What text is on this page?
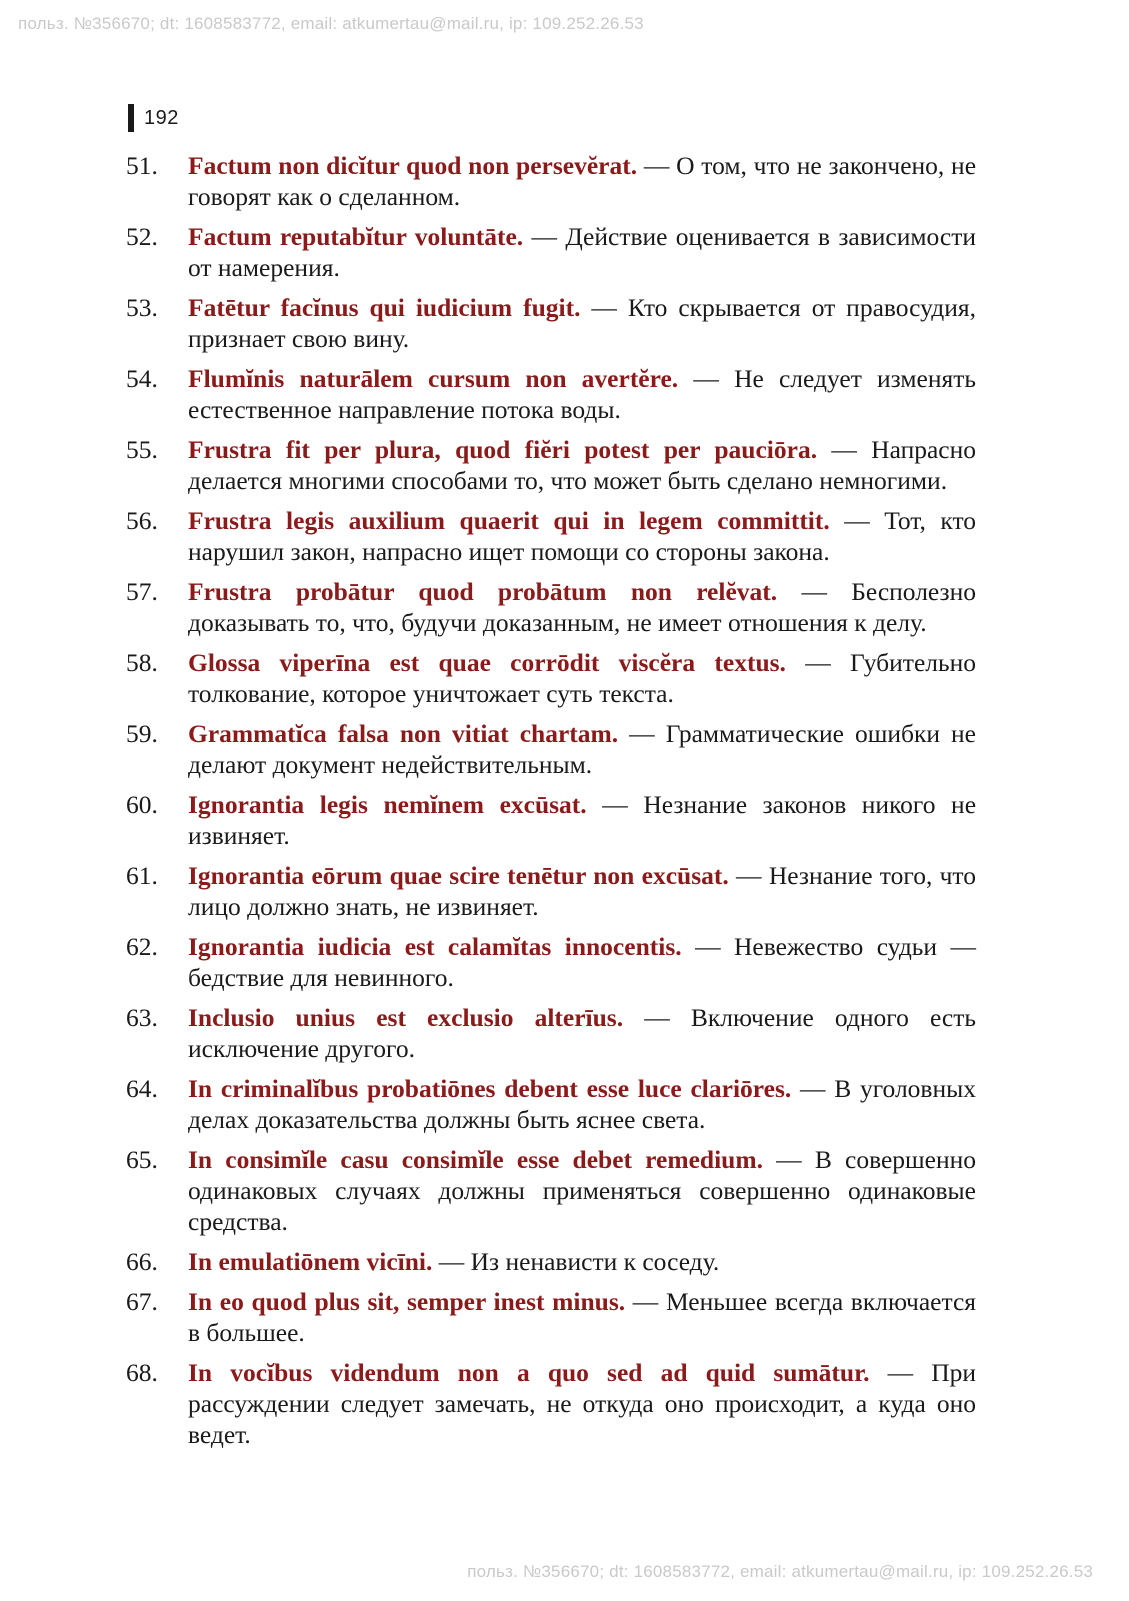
польз. №356670; dt: 1608583772, email: atkumertau@mail.ru, ip: 109.252.26.53
192
51.	Factum non dicĭtur quod non persevĕrat. — О том, что не закончено, не говорят как о сделанном.
52.	Factum reputabĭtur voluntāte. — Действие оценивается в зависимости от намерения.
53.	Fatētur facĭnus qui iudicium fugit. — Кто скрывается от правосудия, признает свою вину.
54.	Flumĭnis naturālem cursum non avertĕre. — Не следует изменять естественное направление потока воды.
55.	Frustra fit per plura, quod fiĕri potest per pauciōra. — Напрасно делается многими способами то, что может быть сделано немногими.
56.	Frustra legis auxilium quaerit qui in legem committit. — Тот, кто нарушил закон, напрасно ищет помощи со стороны закона.
57.	Frustra probātur quod probātum non relĕvat. — Бесполезно доказывать то, что, будучи доказанным, не имеет отношения к делу.
58.	Glossa viperīna est quae corrōdit viscĕra textus. — Губительно толкование, которое уничтожает суть текста.
59.	Grammatĭca falsa non vitiat chartam. — Грамматические ошибки не делают документ недействительным.
60.	Ignorantia legis nemĭnem excūsat. — Незнание законов никого не извиняет.
61.	Ignorantia eōrum quae scire tenētur non excūsat. — Незнание того, что лицо должно знать, не извиняет.
62.	Ignorantia iudicia est calamĭtas innocentis. — Невежество судьи — бедствие для невинного.
63.	Inclusio unius est exclusio alterīus. — Включение одного есть исключение другого.
64.	In criminalĭbus probatiōnes debent esse luce clariōres. — В уголовных делах доказательства должны быть яснее света.
65.	In consimĭle casu consimĭle esse debet remedium. — В совершенно одинаковых случаях должны применяться совершенно одинаковые средства.
66.	In emulatiōnem vicīni. — Из ненависти к соседу.
67.	In eo quod plus sit, semper inest minus. — Меньшее всегда включается в большее.
68.	In vocĭbus videndum non a quo sed ad quid sumātur. — При рассуждении следует замечать, не откуда оно происходит, а куда оно ведет.
польз. №356670; dt: 1608583772, email: atkumertau@mail.ru, ip: 109.252.26.53
